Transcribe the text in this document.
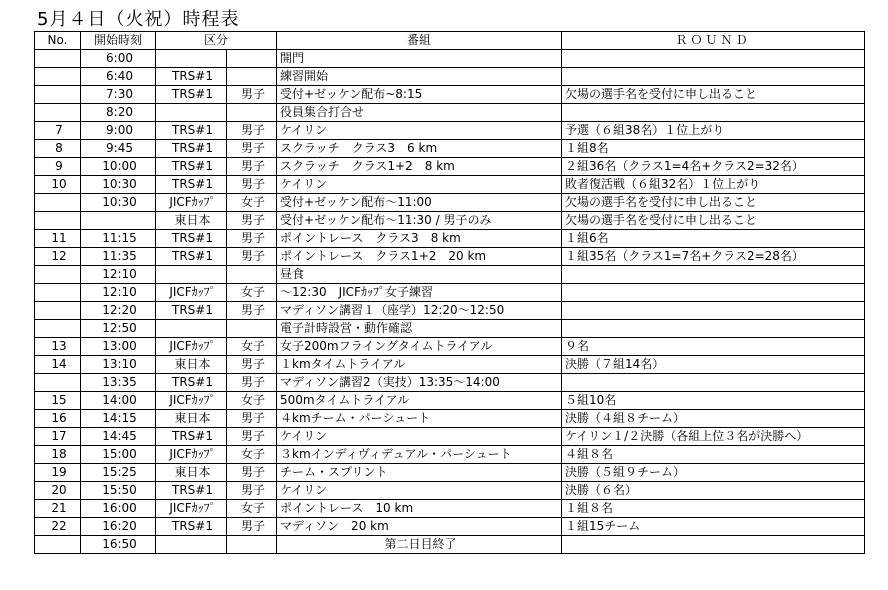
5月４日（火祝）時程表
No.	開始時刻	区分		番組	ＲＯＵＮＤ
	6:00			開門	
	6:40	TRS#1		練習開始	
	7:30	TRS#1	男子	受付+ゼッケン配布~8:15	欠場の選手名を受付に申し出ること
	8:20			役員集合打合せ	
7	9:00	TRS#1	男子	ケイリン	予選（６組38名）１位上がり
8	9:45	TRS#1	男子	スクラッチ　クラス3　6 km	１組8名
9	10:00	TRS#1	男子	スクラッチ　クラス1+2　8 km	２組36名（クラス1=4名+クラス2=32名）
10	10:30	TRS#1	男子	ケイリン	敗者復活戦（６組32名）１位上がり
	10:30	JICFｶｯﾌﾟ	女子	受付+ゼッケン配布～11:00	欠場の選手名を受付に申し出ること
		東日本	男子	受付+ゼッケン配布～11:30 / 男子のみ	欠場の選手名を受付に申し出ること
11	11:15	TRS#1	男子	ポイントレース　クラス3　8 km	１組6名
12	11:35	TRS#1	男子	ポイントレース　クラス1+2　20 km	１組35名（クラス1=7名+クラス2=28名）
	12:10			昼食	
	12:10	JICFｶｯﾌﾟ	女子	～12:30　JICFｶｯﾌﾟ女子練習	
	12:20	TRS#1	男子	マディソン講習１（座学）12:20～12:50	
	12:50			電子計時設営・動作確認	
13	13:00	JICFｶｯﾌﾟ	女子	女子200mフライングタイムトライアル	９名
14	13:10	東日本	男子	１kmタイムトライアル	決勝（７組14名）
	13:35	TRS#1	男子	マディソン講習2（実技）13:35～14:00	
15	14:00	JICFｶｯﾌﾟ	女子	500mタイムトライアル	５組10名
16	14:15	東日本	男子	４kmチーム・パーシュート	決勝（４組８チーム）
17	14:45	TRS#1	男子	ケイリン	ケイリン１/２決勝（各組上位３名が決勝へ）
18	15:00	JICFｶｯﾌﾟ	女子	３kmインディヴィデュアル・パーシュート	４組８名
19	15:25	東日本	男子	チーム・スプリント	決勝（５組９チーム）
20	15:50	TRS#1	男子	ケイリン	決勝（６名）
21	16:00	JICFｶｯﾌﾟ	女子	ポイントレース　10 km	１組８名
22	16:20	TRS#1	男子	マディソン　20 km	１組15チーム
	16:50			第二日目終了	
